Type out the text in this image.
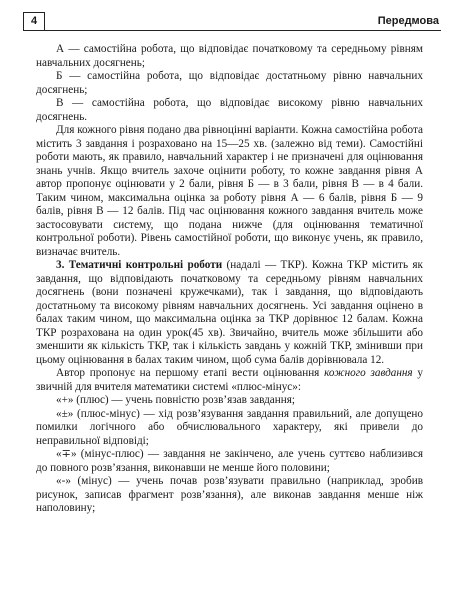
4	Передмова

А — самостійна робота, що відповідає початковому та середньому рівням навчальних досягнень;

Б — самостійна робота, що відповідає достатньому рівню навчальних досягнень;

В — самостійна робота, що відповідає високому рівню навчальних досягнень.

Для кожного рівня подано два рівноцінні варіанти. Кожна самостійна робота містить 3 завдання і розраховано на 15—25 хв. (залежно від теми). Самостійні роботи мають, як правило, навчальний характер і не призначені для оцінювання знань учнів. Якщо вчитель захоче оцінити роботу, то кожне завдання рівня А автор пропонує оцінювати у 2 бали, рівня Б — в 3 бали, рівня В — в 4 бали. Таким чином, максимальна оцінка за роботу рівня А — 6 балів, рівня Б — 9 балів, рівня В — 12 балів. Під час оцінювання кожного завдання вчитель може застосовувати систему, що подана нижче (для оцінювання тематичної контрольної роботи). Рівень самостійної роботи, що виконує учень, як правило, визначає вчитель.

3. Тематичні контрольні роботи (надалі — ТКР). Кожна ТКР містить як завдання, що відповідають початковому та середньому рівням навчальних досягнень (вони позначені кружечками), так і завдання, що відповідають достатньому та високому рівням навчальних досягнень. Усі завдання оцінено в балах таким чином, що максимальна оцінка за ТКР дорівнює 12 балам. Кожна ТКР розрахована на один урок(45 хв). Звичайно, вчитель може збільшити або зменшити як кількість ТКР, так і кількість завдань у кожній ТКР, змінивши при цьому оцінювання в балах таким чином, щоб сума балів дорівнювала 12.

Автор пропонує на першому етапі вести оцінювання кожного завдання у звичній для вчителя математики системі «плюс-мінус»:

«+» (плюс) — учень повністю розв’язав завдання;

«±» (плюс-мінус) — хід розв’язування завдання правильний, але допущено помилки логічного або обчислювального характеру, які привели до неправильної відповіді;

«∓» (мінус-плюс) — завдання не закінчено, але учень суттєво наблизився до повного розв’язання, виконавши не менше його половини;

«-» (мінус) — учень почав розв’язувати правильно (наприклад, зробив рисунок, записав фрагмент розв’язання), але виконав завдання менше ніж наполовину;
